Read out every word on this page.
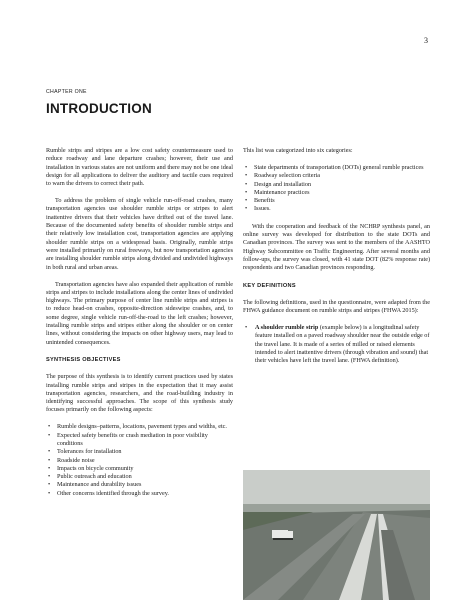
3
CHAPTER ONE
INTRODUCTION

Rumble strips and stripes are a low cost safety countermeasure used to reduce roadway and lane departure crashes; however, their use and installation in various states are not uniform and there may not be one ideal design for all applications to deliver the auditory and tactile cues required to warn the drivers to correct their path.

To address the problem of single vehicle run-off-road crashes, many transportation agencies use shoulder rumble strips or stripes to alert inattentive drivers that their vehicles have drifted out of the travel lane. Because of the documented safety benefits of shoulder rumble strips and their relatively low installation cost, transportation agencies are applying shoulder rumble strips on a widespread basis. Originally, rumble strips were installed primarily on rural freeways, but now transportation agencies are installing shoulder rumble strips along divided and undivided highways in both rural and urban areas.

Transportation agencies have also expanded their application of rumble strips and stripes to include installations along the center lines of undivided highways. The primary purpose of center line rumble strips and stripes is to reduce head-on crashes, opposite-direction sideswipe crashes, and, to some degree, single vehicle run-off-the-road to the left crashes; however, installing rumble strips and stripes either along the shoulder or on center lines, without considering the impacts on other highway users, may lead to unintended consequences.

SYNTHESIS OBJECTIVES

The purpose of this synthesis is to identify current practices used by states installing rumble strips and stripes in the expectation that it may assist transportation agencies, researchers, and the road-building industry in identifying successful approaches. The scope of this synthesis study focuses primarily on the following aspects:

• Rumble designs–patterns, locations, pavement types and widths, etc.
• Expected safety benefits or crash mediation in poor visibility conditions
• Tolerances for installation
• Roadside noise
• Impacts on bicycle community
• Public outreach and education
• Maintenance and durability issues
• Other concerns identified through the survey.

This list was categorized into six categories:

• State departments of transportation (DOTs) general rumble practices
• Roadway selection criteria
• Design and installation
• Maintenance practices
• Benefits
• Issues.

With the cooperation and feedback of the NCHRP synthesis panel, an online survey was developed for distribution to the state DOTs and Canadian provinces. The survey was sent to the members of the AASHTO Highway Subcommittee on Traffic Engineering. After several months and follow-ups, the survey was closed, with 41 state DOT (82% response rate) respondents and two Canadian provinces responding.

KEY DEFINITIONS

The following definitions, used in the questionnaire, were adapted from the FHWA guidance document on rumble strips and stripes (FHWA 2015):

• A shoulder rumble strip (example below) is a longitudinal safety feature installed on a paved roadway shoulder near the outside edge of the travel lane. It is made of a series of milled or raised elements intended to alert inattentive drivers (through vibration and sound) that their vehicles have left the travel lane. (FHWA definition).
